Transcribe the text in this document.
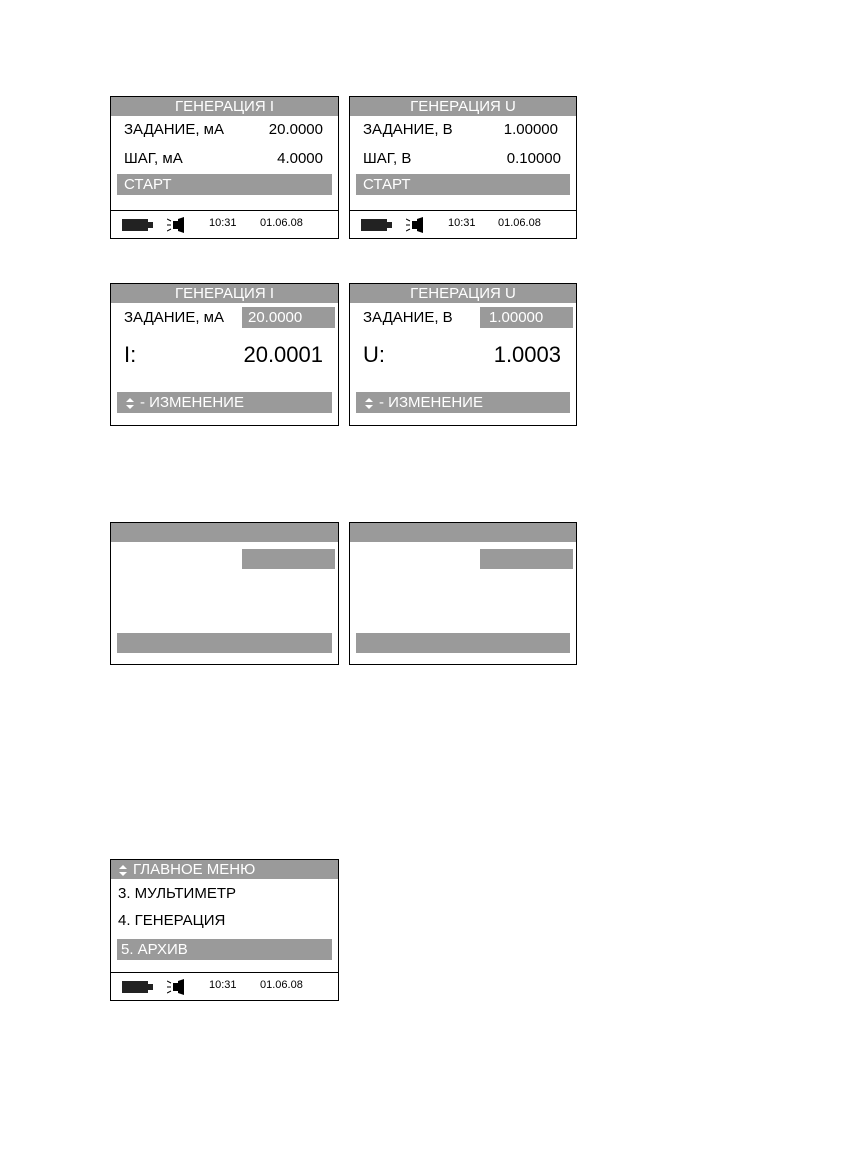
ГЕНЕРАЦИЯ I
ЗАДАНИЕ, мА	20.0000
ШАГ, мА	4.0000
СТАРТ
10:31 01.06.08
ГЕНЕРАЦИЯ U
ЗАДАНИЕ, В	1.00000
ШАГ, В	0.10000
СТАРТ
10:31 01.06.08
ГЕНЕРАЦИЯ I
ЗАДАНИЕ, мА	20.0000
I:	20.0001
- ИЗМЕНЕНИЕ
ГЕНЕРАЦИЯ U
ЗАДАНИЕ, В	1.00000
U:	1.0003
- ИЗМЕНЕНИЕ
ГЛАВНОЕ МЕНЮ
3. МУЛЬТИМЕТР
4. ГЕНЕРАЦИЯ
5. АРХИВ
10:31 01.06.08
